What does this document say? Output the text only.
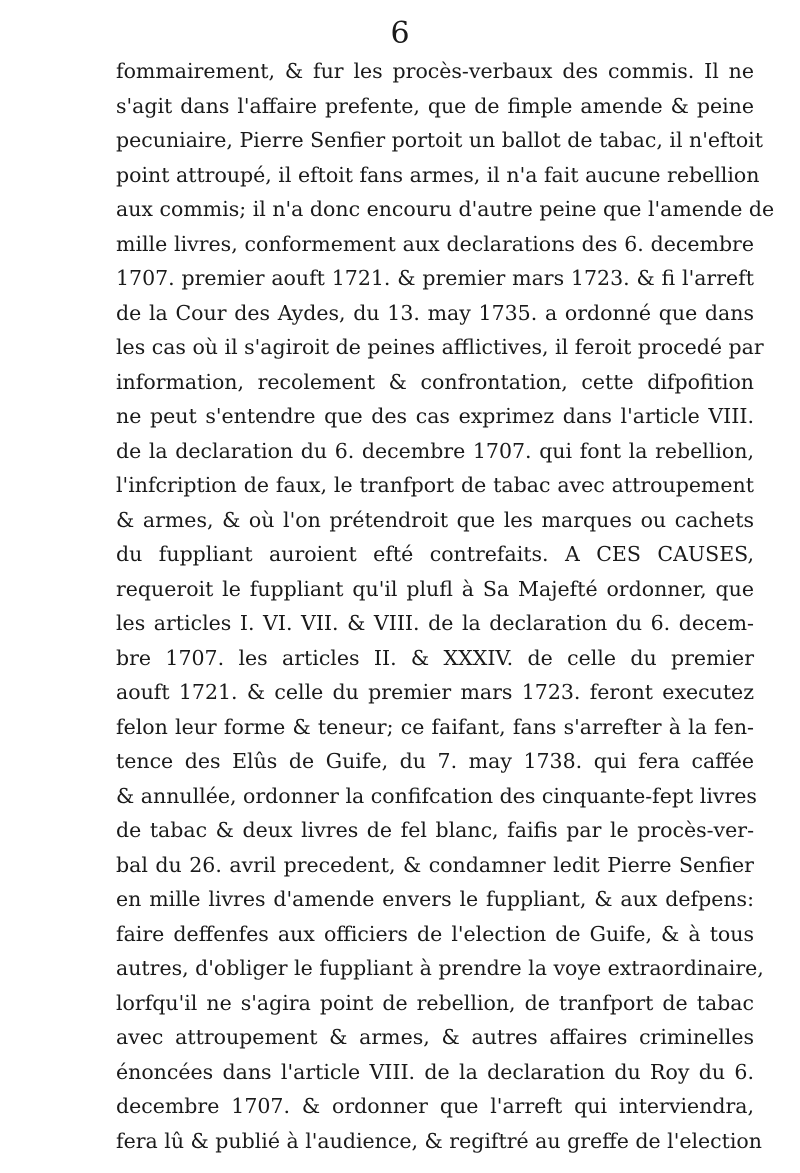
6
fommairement, & fur les procès-verbaux des commis. Il ne
s'agit dans l'affaire prefente, que de fimple amende & peine
pecuniaire, Pierre Senfier portoit un ballot de tabac, il n'eftoit
point attroupé, il eftoit fans armes, il n'a fait aucune rebellion
aux commis; il n'a donc encouru d'autre peine que l'amende de
mille livres, conformement aux declarations des 6. decembre
1707. premier aouft 1721. & premier mars 1723. & fi l'arreft
de la Cour des Aydes, du 13. may 1735. a ordonné que dans
les cas où il s'agiroit de peines afflictives, il feroit procedé par
information, recolement & confrontation, cette difpofition
ne peut s'entendre que des cas exprimez dans l'article VIII.
de la declaration du 6. decembre 1707. qui font la rebellion,
l'infcription de faux, le tranfport de tabac avec attroupement
& armes, & où l'on prétendroit que les marques ou cachets
du fuppliant auroient efté contrefaits. A CES CAUSES,
requeroit le fuppliant qu'il plufl à Sa Majefté ordonner, que
les articles I. VI. VII. & VIII. de la declaration du 6. decem-
bre 1707. les articles II. & XXXIV. de celle du premier
aouft 1721. & celle du premier mars 1723. feront executez
felon leur forme & teneur; ce faifant, fans s'arrefter à la fen-
tence des Elûs de Guife, du 7. may 1738. qui fera caffée
& annullée, ordonner la confifcation des cinquante-fept livres
de tabac & deux livres de fel blanc, faifis par le procès-ver-
bal du 26. avril precedent, & condamner ledit Pierre Senfier
en mille livres d'amende envers le fuppliant, & aux defpens:
faire deffenfes aux officiers de l'election de Guife, & à tous
autres, d'obliger le fuppliant à prendre la voye extraordinaire,
lorfqu'il ne s'agira point de rebellion, de tranfport de tabac
avec attroupement & armes, & autres affaires criminelles
énoncées dans l'article VIII. de la declaration du Roy du 6.
decembre 1707. & ordonner que l'arreft qui interviendra,
fera lû & publié à l'audience, & regiftré au greffe de l'election
